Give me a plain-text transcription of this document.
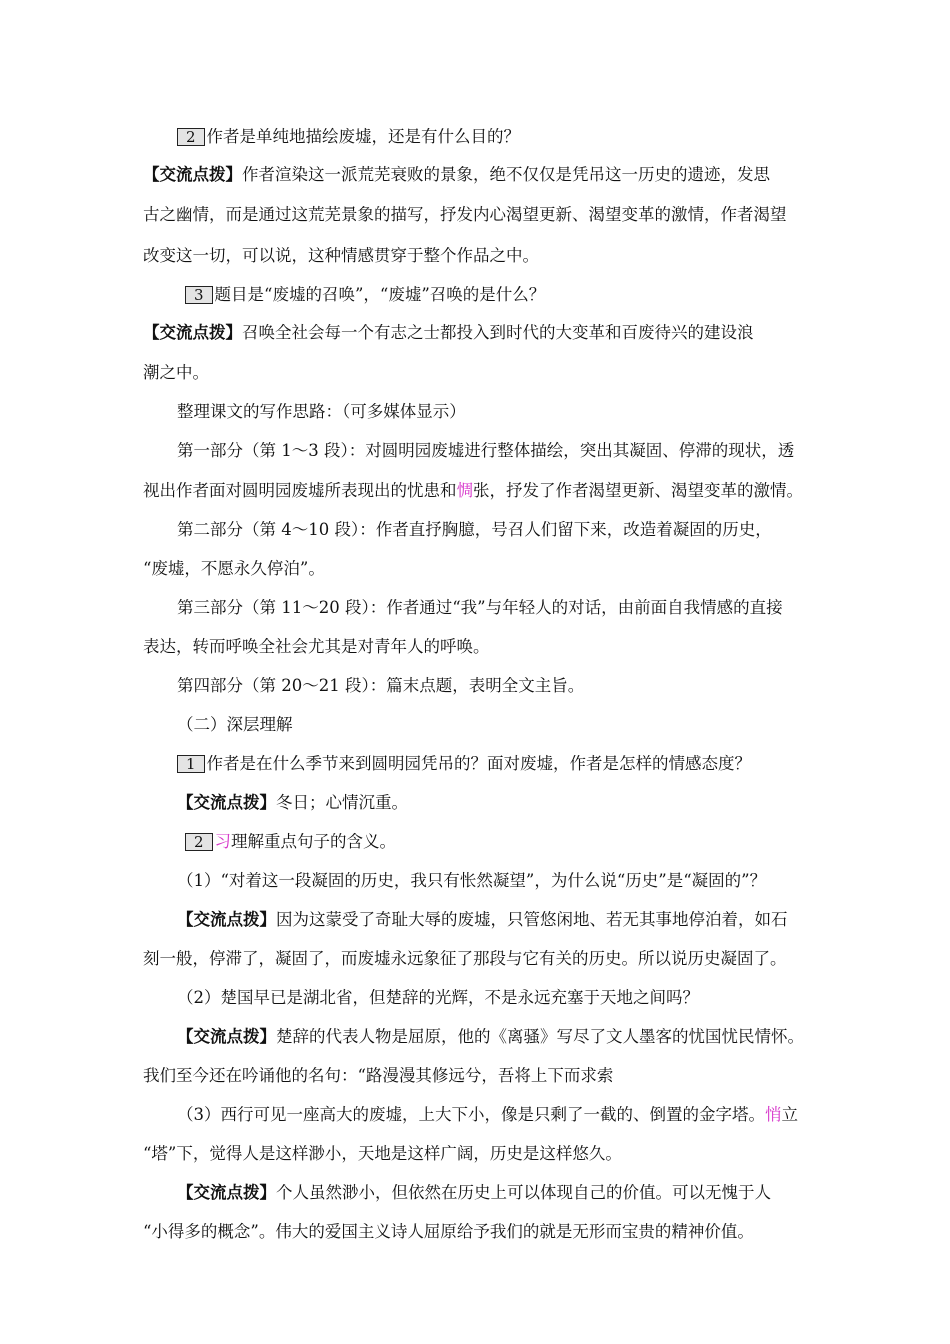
2 作者是单纯地描绘废墟，还是有什么目的？
【交流点拨】作者渲染这一派荒芜衰败的景象，绝不仅仅是凭吊这一历史的遗迹，发思
古之幽情，而是通过这荒芜景象的描写，抒发内心渴望更新、渴望变革的激情，作者渴望
改变这一切，可以说，这种情感贯穿于整个作品之中。
3 题目是“废墟的召唤”，“废墟”召唤的是什么？
【交流点拨】召唤全社会每一个有志之士都投入到时代的大变革和百废待兴的建设浪
潮之中。
整理课文的写作思路：（可多媒体显示）
第一部分（第 1～3 段）：对圆明园废墟进行整体描绘，突出其凝固、停滞的现状，透
视出作者面对圆明园废墟所表现出的忧患和惆张，抒发了作者渴望更新、渴望变革的激情。
第二部分（第 4～10 段）：作者直抒胸臆，号召人们留下来，改造着凝固的历史，
“废墟，不愿永久停泊”。
第三部分（第 11～20 段）：作者通过“我”与年轻人的对话，由前面自我情感的直接
表达，转而呼唤全社会尤其是对青年人的呼唤。
第四部分（第 20～21 段）：篇末点题，表明全文主旨。
（二）深层理解
1 作者是在什么季节来到圆明园凭吊的？面对废墟，作者是怎样的情感态度？
【交流点拨】冬日；心情沉重。
2 习理解重点句子的含义。
（1）“对着这一段凝固的历史，我只有怅然凝望”，为什么说“历史”是“凝固的”？
【交流点拨】因为这蒙受了奇耻大辱的废墟，只管悠闲地、若无其事地停泊着，如石
刻一般，停滞了，凝固了，而废墟永远象征了那段与它有关的历史。所以说历史凝固了。
（2）楚国早已是湖北省，但楚辞的光辉，不是永远充塞于天地之间吗？
【交流点拨】楚辞的代表人物是屈原，他的《离骚》写尽了文人墨客的忧国忧民情怀。
我们至今还在吟诵他的名句：“路漫漫其修远兮，吾将上下而求索
（3）西行可见一座高大的废墟，上大下小，像是只剩了一截的、倒置的金字塔。悄立
“塔”下，觉得人是这样渺小，天地是这样广阔，历史是这样悠久。
【交流点拨】个人虽然渺小，但依然在历史上可以体现自己的价值。可以无愧于人
“小得多的概念”。伟大的爱国主义诗人屈原给予我们的就是无形而宝贵的精神价值。
